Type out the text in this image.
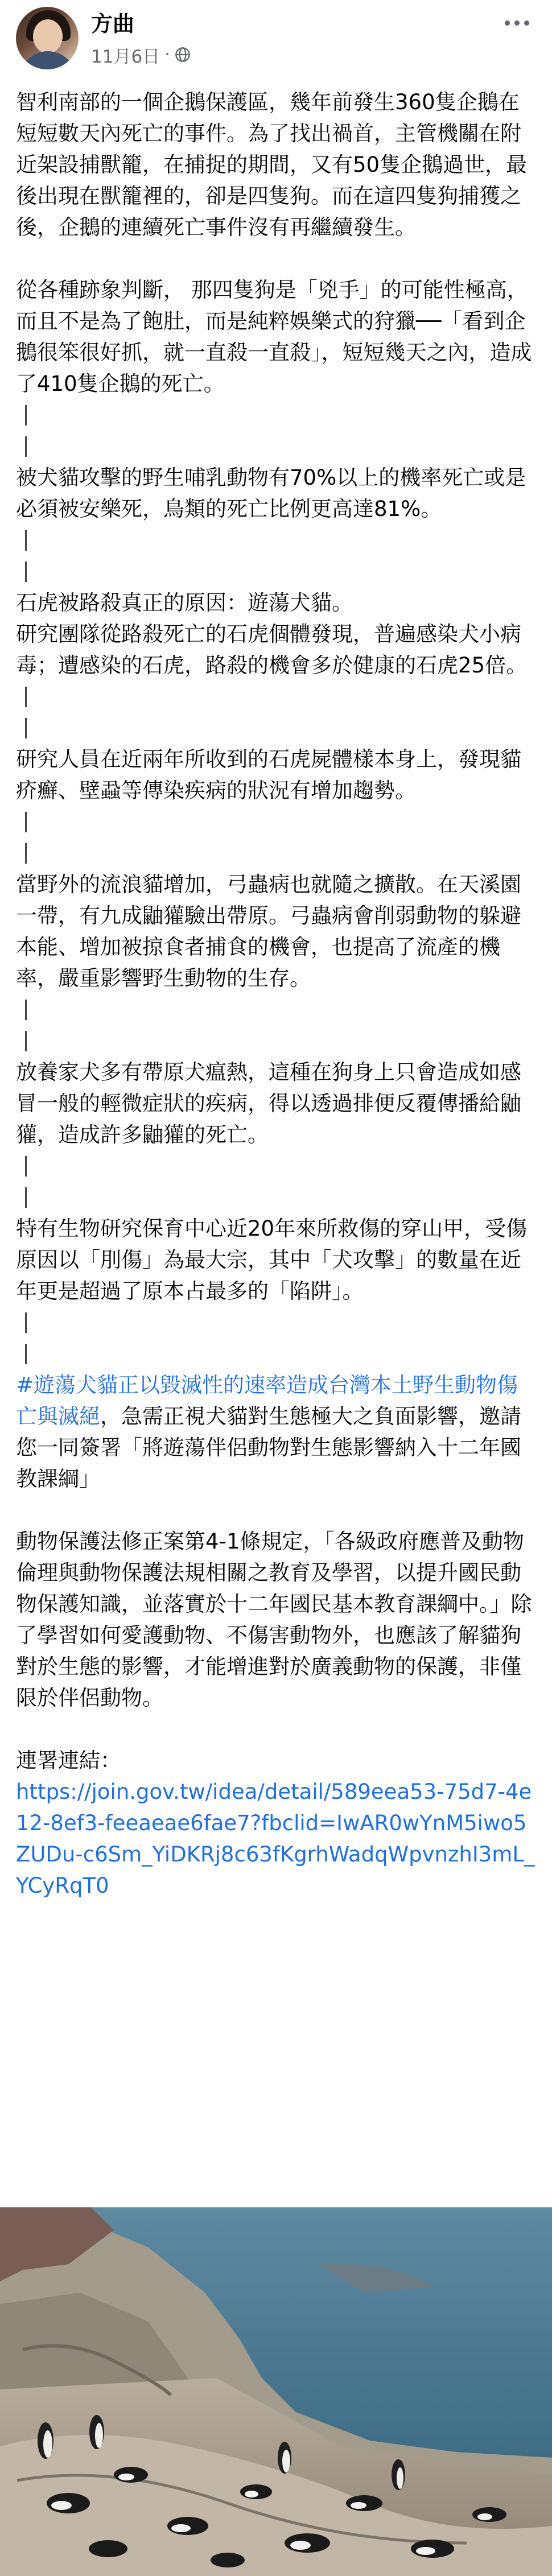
方曲
11月6日 ·

智利南部的一個企鵝保護區，幾年前發生360隻企鵝在短短數天內死亡的事件。為了找出禍首，主管機關在附近架設捕獸籠，在捕捉的期間，又有50隻企鵝過世，最後出現在獸籠裡的，卻是四隻狗。而在這四隻狗捕獲之後，企鵝的連續死亡事件沒有再繼續發生。

從各種跡象判斷， 那四隻狗是「兇手」的可能性極高，而且不是為了飽肚，而是純粹娛樂式的狩獵──「看到企鵝很笨很好抓，就一直殺一直殺」，短短幾天之內，造成了410隻企鵝的死亡。

被犬貓攻擊的野生哺乳動物有70%以上的機率死亡或是必須被安樂死，鳥類的死亡比例更高達81%。

石虎被路殺真正的原因：遊蕩犬貓。

研究團隊從路殺死亡的石虎個體發現，普遍感染犬小病毒；遭感染的石虎，路殺的機會多於健康的石虎25倍。

研究人員在近兩年所收到的石虎屍體樣本身上，發現貓疥癬、壁蝨等傳染疾病的狀況有增加趨勢。

當野外的流浪貓增加，弓蟲病也就隨之擴散。在天溪園一帶，有九成鼬獾驗出帶原。弓蟲病會削弱動物的躲避本能、增加被掠食者捕食的機會，也提高了流產的機率，嚴重影響野生動物的生存。

放養家犬多有帶原犬瘟熱，這種在狗身上只會造成如感冒一般的輕微症狀的疾病，得以透過排便反覆傳播給鼬獾，造成許多鼬獾的死亡。

特有生物研究保育中心近20年來所救傷的穿山甲，受傷原因以「刖傷」為最大宗，其中「犬攻擊」的數量在近年更是超過了原本占最多的「陷阱」。

#遊蕩犬貓正以毀滅性的速率造成台灣本土野生動物傷亡與滅絕，急需正視犬貓對生態極大之負面影響，邀請您一同簽署「將遊蕩伴侶動物對生態影響納入十二年國教課綱」

動物保護法修正案第4-1條規定，「各級政府應普及動物倫理與動物保護法規相關之教育及學習，以提升國民動物保護知識，並落實於十二年國民基本教育課綱中。」除了學習如何愛護動物、不傷害動物外，也應該了解貓狗對於生態的影響，才能增進對於廣義動物的保護，非僅限於伴侶動物。

連署連結：

https://join.gov.tw/idea/detail/589eea53-75d7-4e12-8ef3-feeaeae6fae7?fbclid=IwAR0wYnM5iwo5ZUDu-c6Sm_YiDKRj8c63fKgrhWadqWpvnzhI3mL_YCyRqT0
